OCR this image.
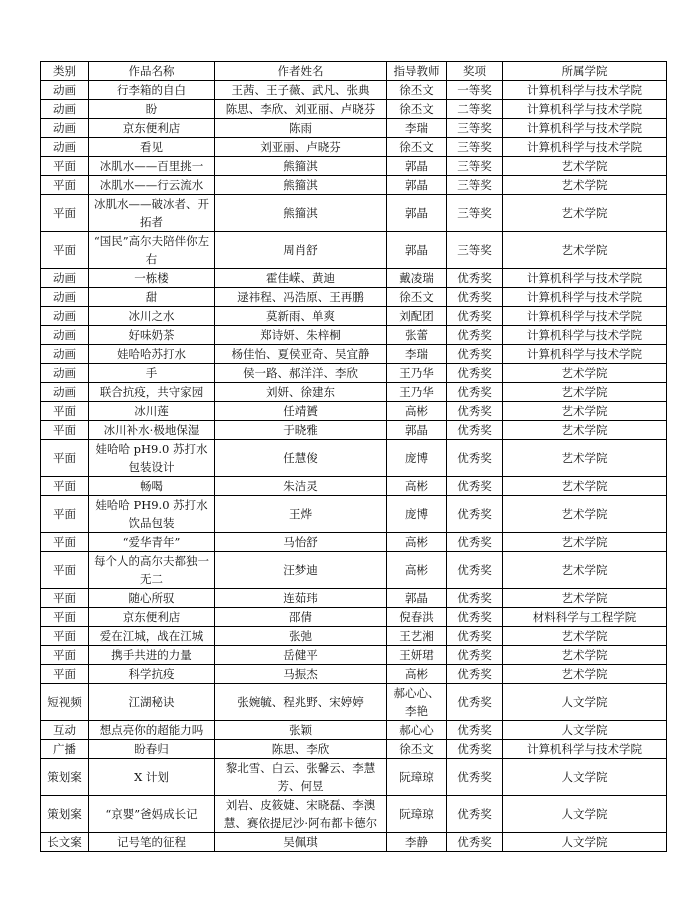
类别	作品名称	作者姓名	指导教师	奖项	所属学院
动画	行李箱的自白	王茜、王子薇、武凡、张典	徐丕文	一等奖	计算机科学与技术学院
动画	盼	陈思、李欣、刘亚丽、卢晓芬	徐丕文	二等奖	计算机科学与技术学院
动画	京东便利店	陈雨	李瑞	三等奖	计算机科学与技术学院
动画	看见	刘亚丽、卢晓芬	徐丕文	三等奖	计算机科学与技术学院
平面	冰肌水——百里挑一	熊籀淇	郭晶	三等奖	艺术学院
平面	冰肌水——行云流水	熊籀淇	郭晶	三等奖	艺术学院
平面	冰肌水——破冰者、开拓者	熊籀淇	郭晶	三等奖	艺术学院
平面	“国民”高尔夫陪伴你左右	周肖舒	郭晶	三等奖	艺术学院
动画	一栋楼	霍佳嵘、黄迪	戴凌瑞	优秀奖	计算机科学与技术学院
动画	甜	逯祎程、冯浩原、王再鹏	徐丕文	优秀奖	计算机科学与技术学院
动画	冰川之水	莫新雨、单爽	刘配团	优秀奖	计算机科学与技术学院
动画	好味奶茶	郑诗妍、朱梓桐	张蕾	优秀奖	计算机科学与技术学院
动画	娃哈哈苏打水	杨佳怡、夏侯亚奇、吴宜静	李瑞	优秀奖	计算机科学与技术学院
动画	手	侯一路、郝洋洋、李欣	王乃华	优秀奖	艺术学院
动画	联合抗疫，共守家园	刘妍、徐建东	王乃华	优秀奖	艺术学院
平面	冰川莲	任靖贇	高彬	优秀奖	艺术学院
平面	冰川补水·极地保湿	于晓雅	郭晶	优秀奖	艺术学院
平面	娃哈哈 pH9.0 苏打水包装设计	任慧俊	庞博	优秀奖	艺术学院
平面	畅喝	朱洁灵	高彬	优秀奖	艺术学院
平面	娃哈哈 PH9.0 苏打水饮品包装	王烨	庞博	优秀奖	艺术学院
平面	“爱华青年”	马怡舒	高彬	优秀奖	艺术学院
平面	每个人的高尔夫都独一无二	汪梦迪	高彬	优秀奖	艺术学院
平面	随心所驭	连茹玮	郭晶	优秀奖	艺术学院
平面	京东便利店	邵倩	倪春洪	优秀奖	材料科学与工程学院
平面	爱在江城，战在江城	张弛	王艺湘	优秀奖	艺术学院
平面	携手共进的力量	岳健平	王妍珺	优秀奖	艺术学院
平面	科学抗疫	马振杰	高彬	优秀奖	艺术学院
短视频	江湖秘诀	张婉毓、程兆野、宋婷婷	郝心心、李艳	优秀奖	人文学院
互动	想点亮你的超能力吗	张颖	郝心心	优秀奖	人文学院
广播	盼春归	陈思、李欣	徐丕文	优秀奖	计算机科学与技术学院
策划案	X 计划	黎北雪、白云、张馨云、李慧芳、何昱	阮璋琼	优秀奖	人文学院
策划案	“京婴”爸妈成长记	刘岩、皮筱婕、宋晓磊、李澳慧、赛依提尼沙·阿布都卡德尔	阮璋琼	优秀奖	人文学院
长文案	记号笔的征程	吴佩琪	李静	优秀奖	人文学院
